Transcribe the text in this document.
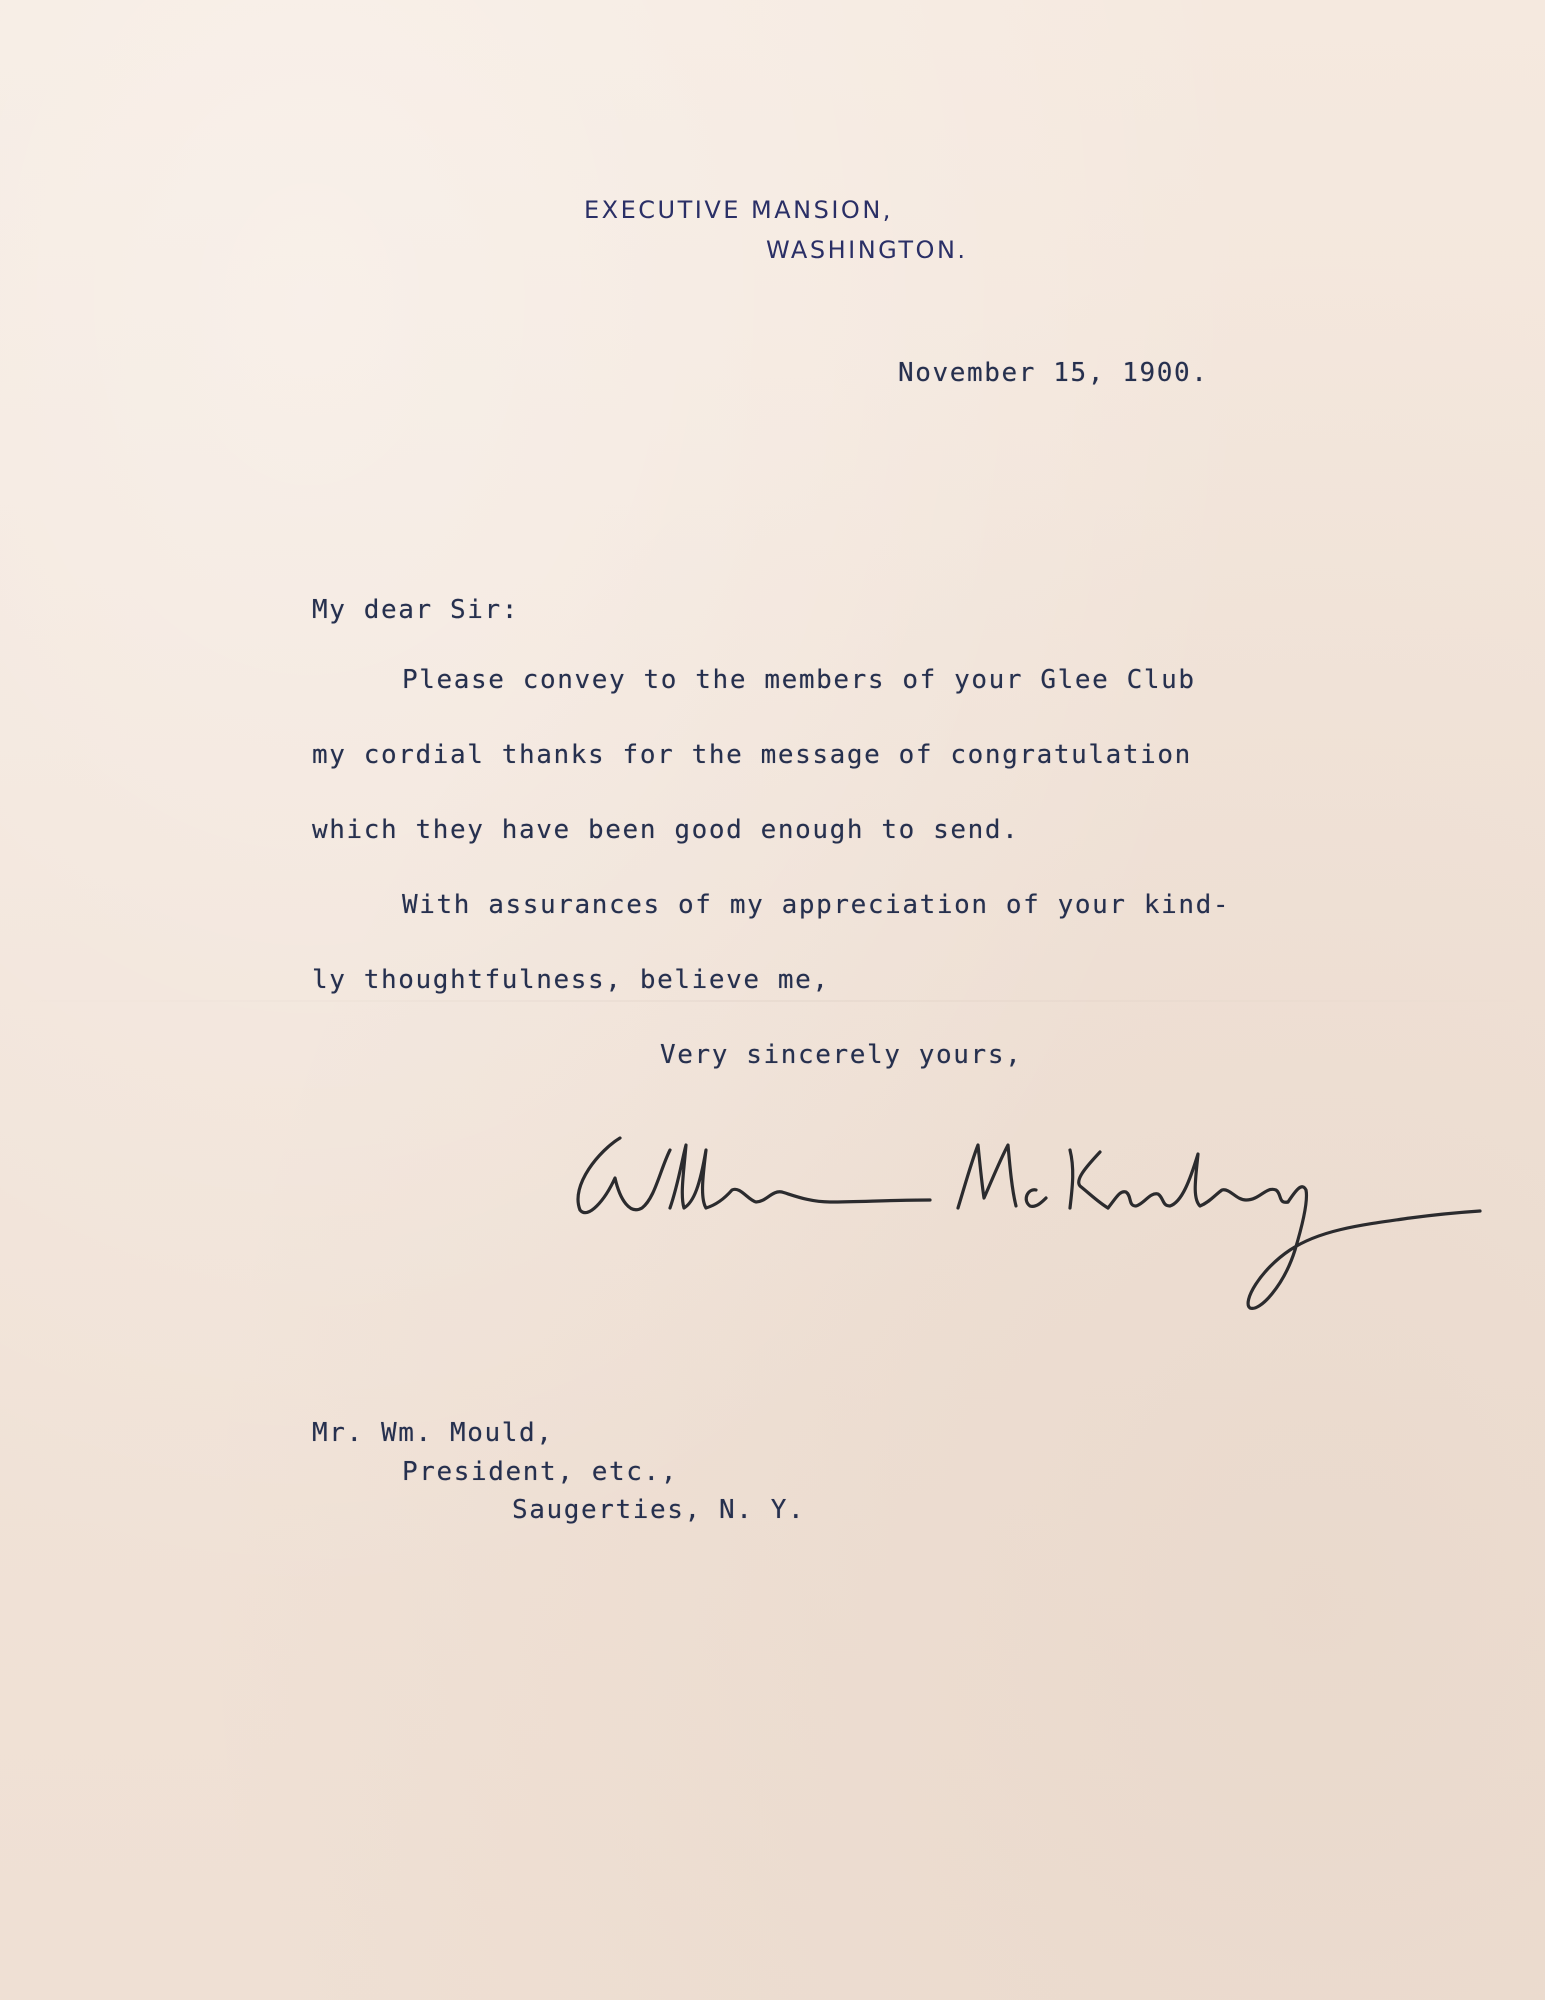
EXECUTIVE MANSION,
WASHINGTON.
November 15, 1900.
My dear Sir:
Please convey to the members of your Glee Club
my cordial thanks for the message of congratulation
which they have been good enough to send.
With assurances of my appreciation of your kind-
ly thoughtfulness, believe me,
Very sincerely yours,
Mr. Wm. Mould,
President, etc.,
Saugerties, N. Y.
